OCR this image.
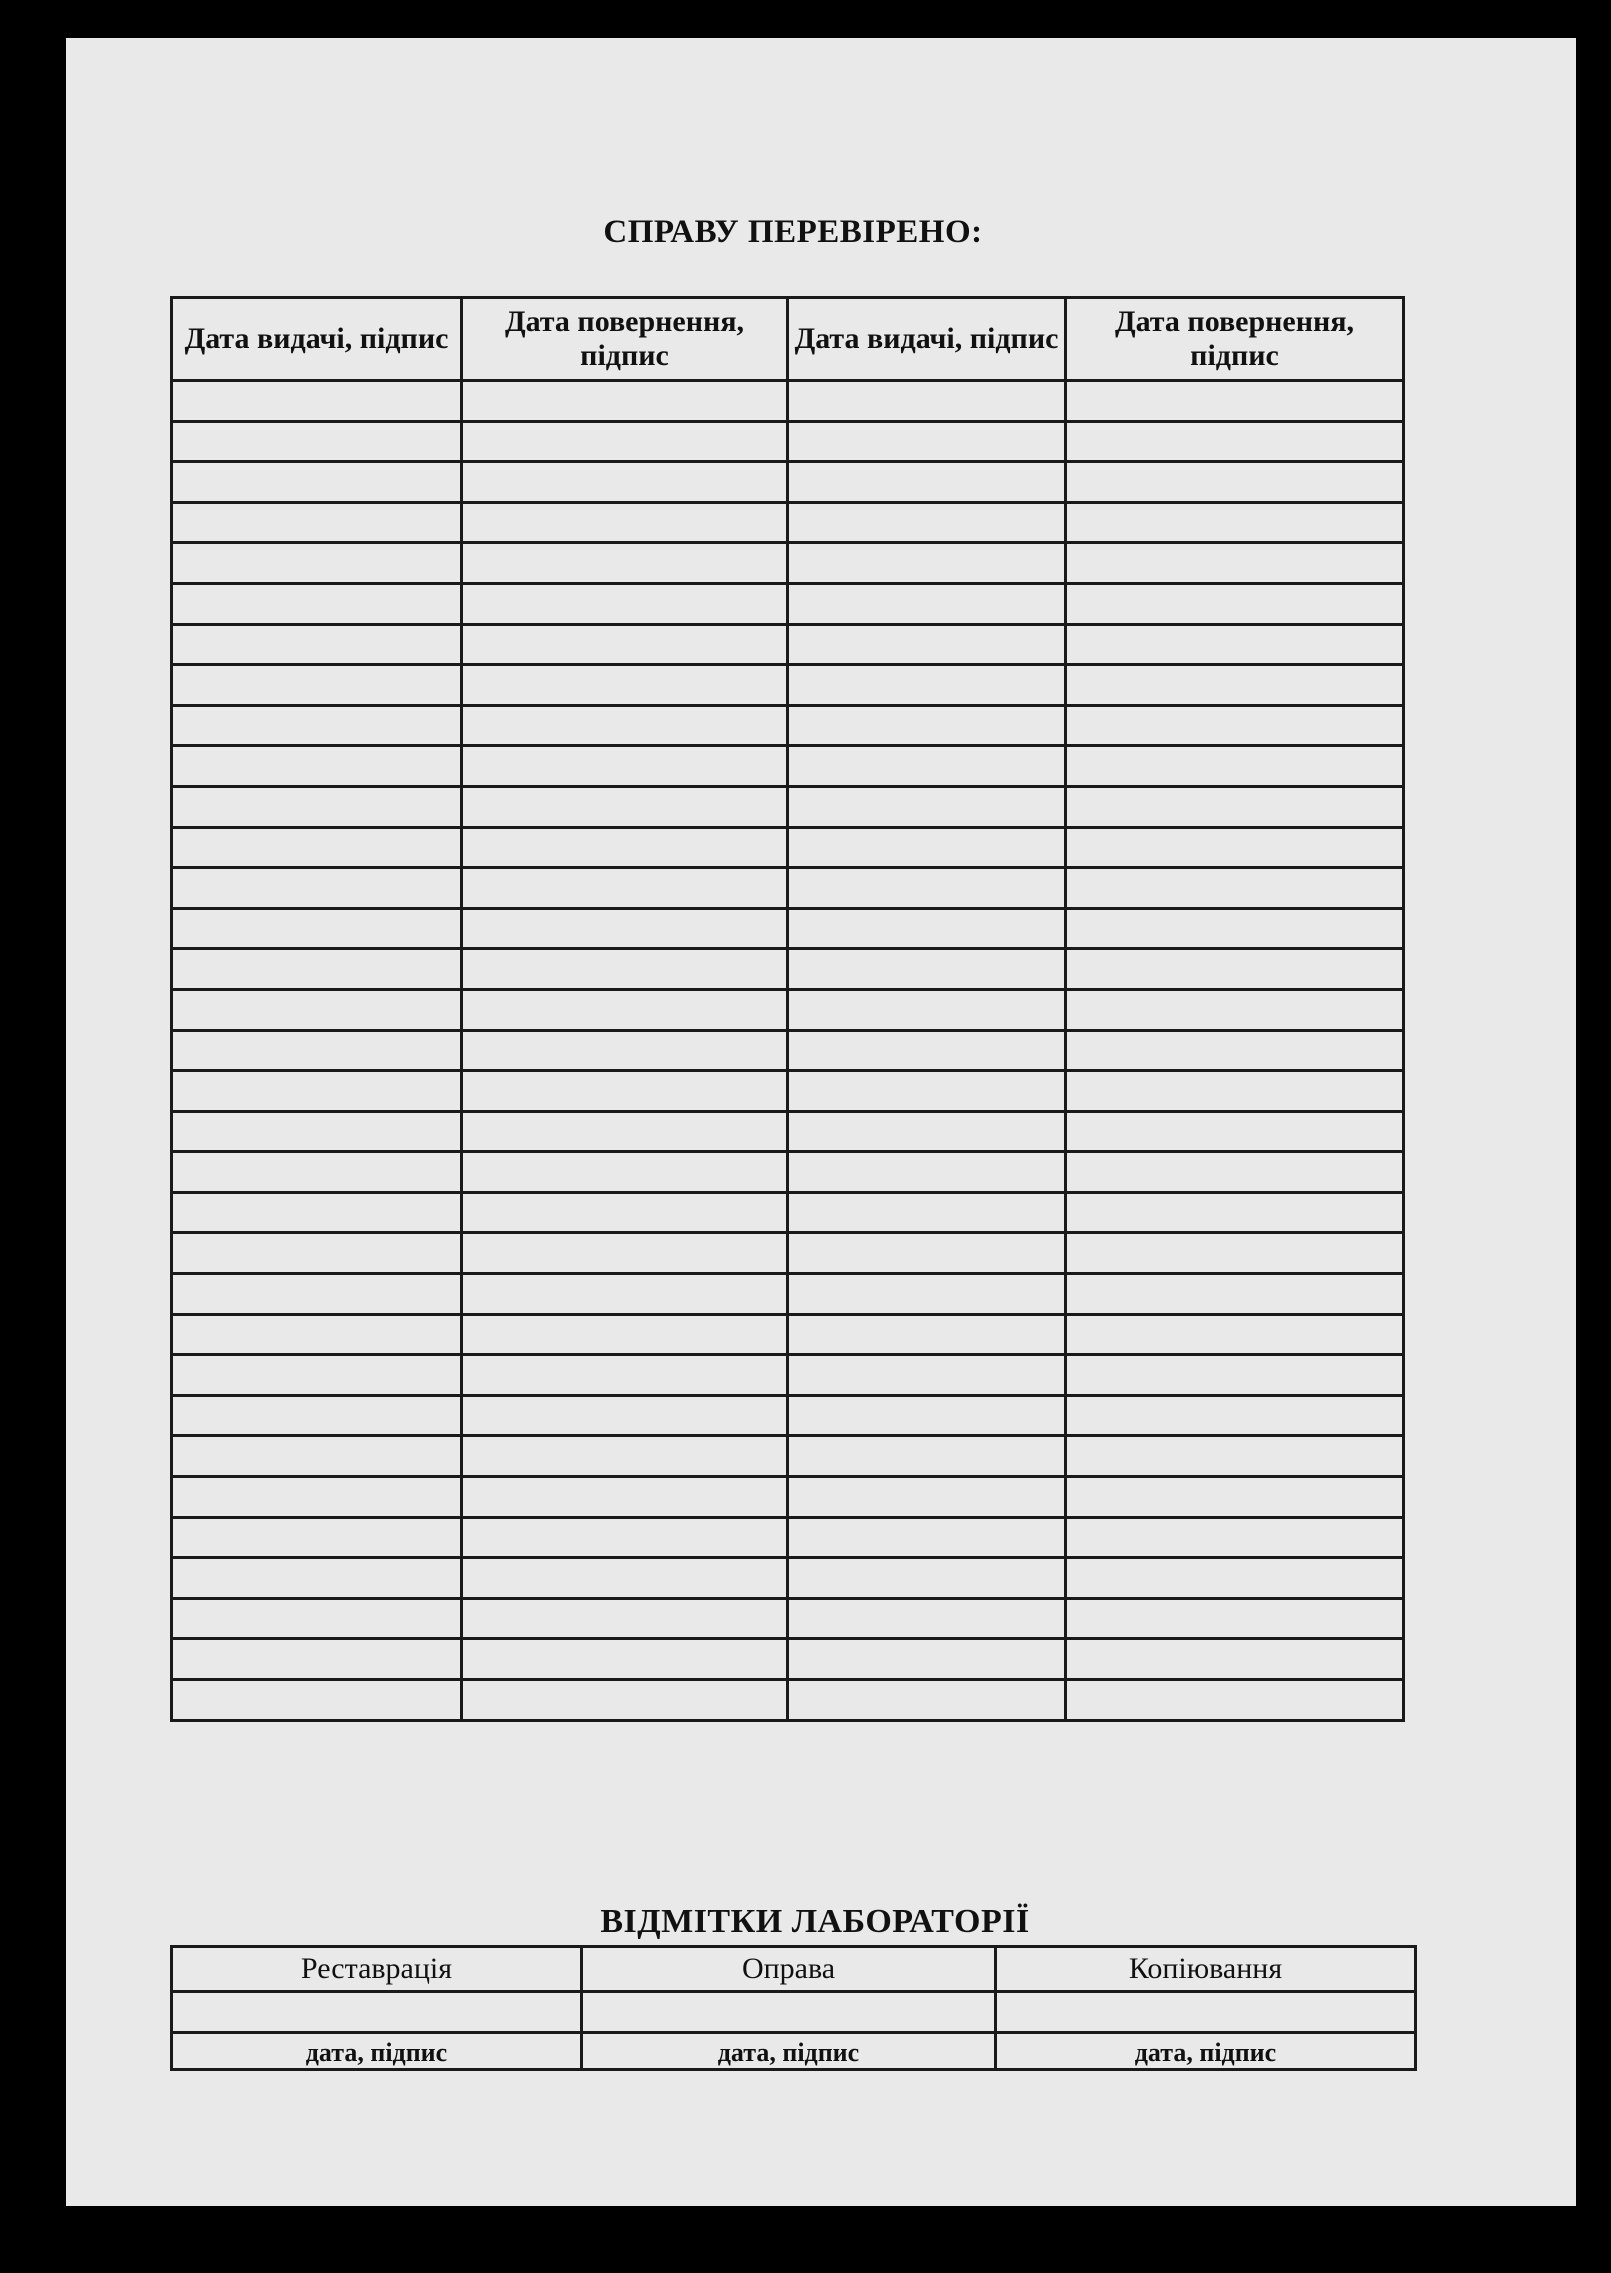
СПРАВУ ПЕРЕВІРЕНО:
Дата видачі, підпис	Дата повернення, підпис	Дата видачі, підпис	Дата повернення, підпис

ВІДМІТКИ ЛАБОРАТОРІЇ
Реставрація	Оправа	Копіювання

дата, підпис	дата, підпис	дата, підпис
